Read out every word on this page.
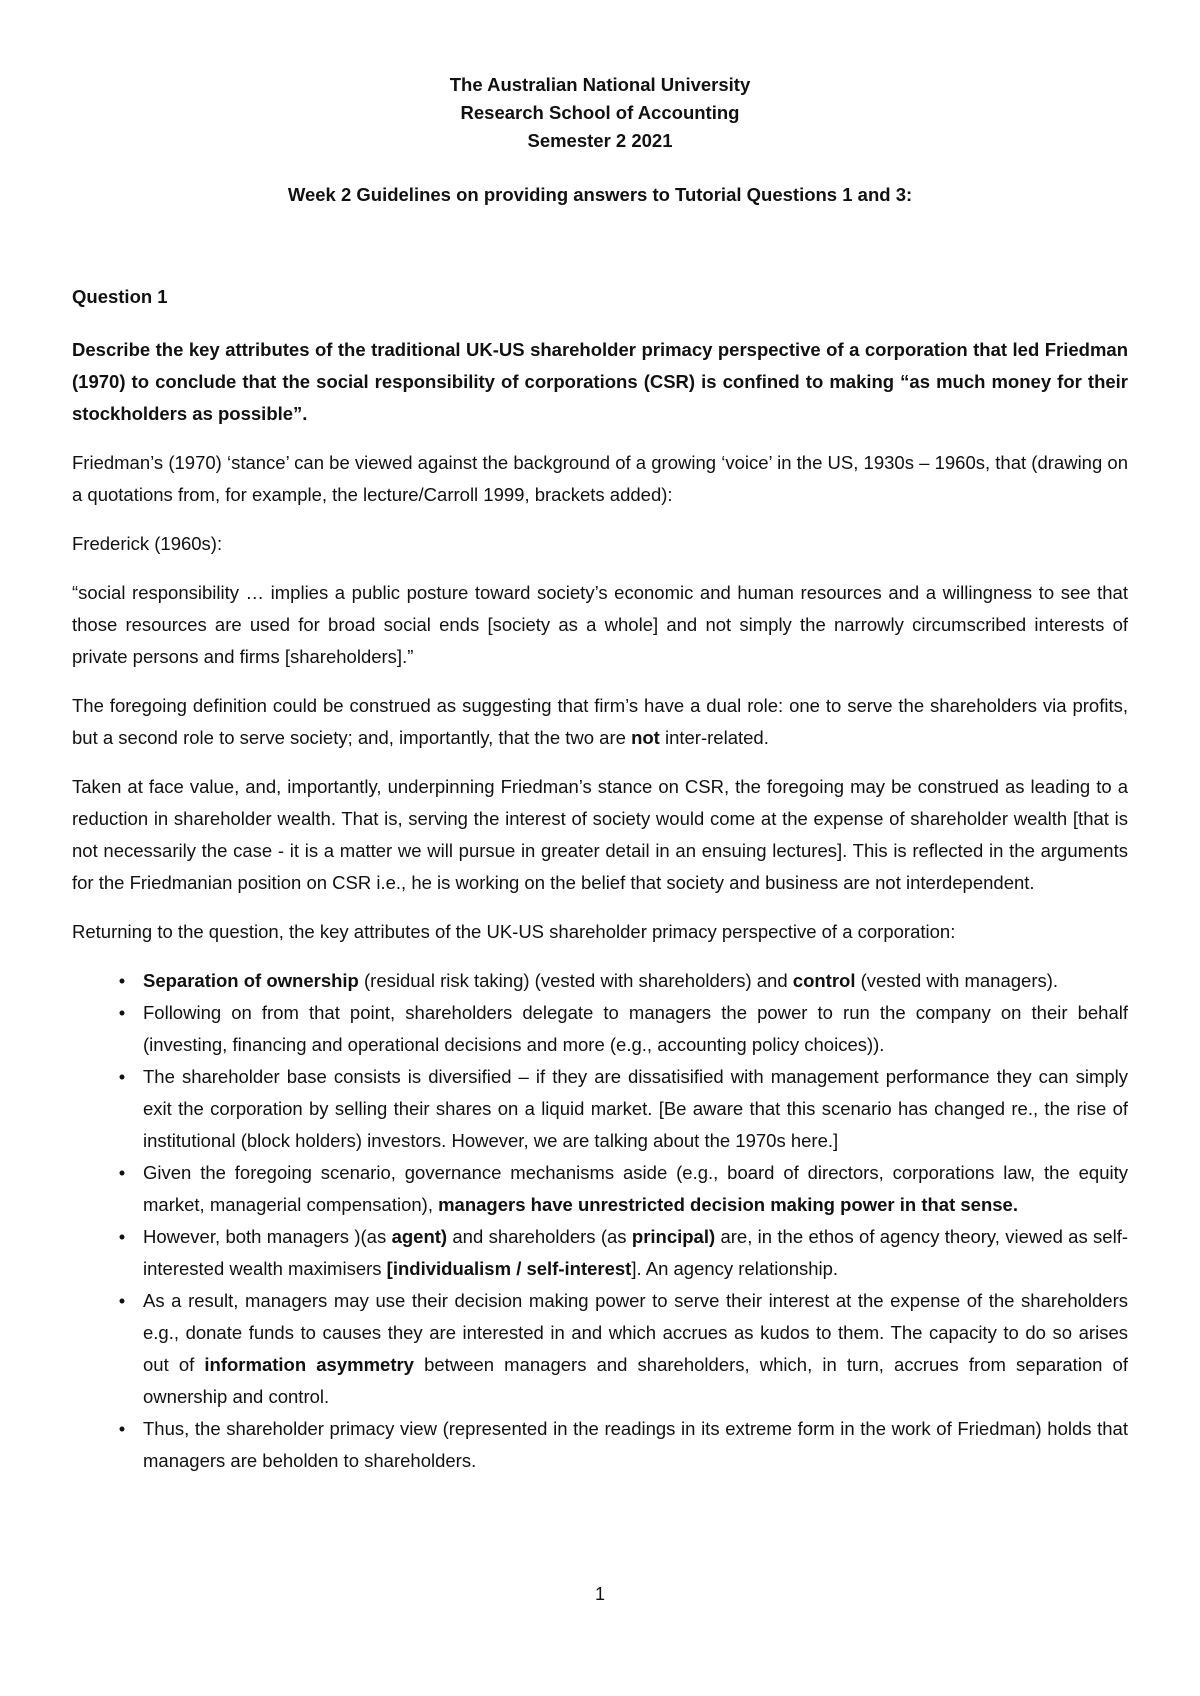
The Australian National University
Research School of Accounting
Semester 2 2021
Week 2 Guidelines on providing answers to Tutorial Questions 1 and 3:
Question 1

Describe the key attributes of the traditional UK-US shareholder primacy perspective of a corporation that led Friedman (1970) to conclude that the social responsibility of corporations (CSR) is confined to making “as much money for their stockholders as possible”.

Friedman’s (1970) ‘stance’ can be viewed against the background of a growing ‘voice’ in the US, 1930s – 1960s, that (drawing on a quotations from, for example, the lecture/Carroll 1999, brackets added):

Frederick (1960s):

“social responsibility … implies a public posture toward society’s economic and human resources and a willingness to see that those resources are used for broad social ends [society as a whole] and not simply the narrowly circumscribed interests of private persons and firms [shareholders].”

The foregoing definition could be construed as suggesting that firm’s have a dual role: one to serve the shareholders via profits, but a second role to serve society; and, importantly, that the two are not inter-related.

Taken at face value, and, importantly, underpinning Friedman’s stance on CSR, the foregoing may be construed as leading to a reduction in shareholder wealth. That is, serving the interest of society would come at the expense of shareholder wealth [that is not necessarily the case - it is a matter we will pursue in greater detail in an ensuing lectures]. This is reflected in the arguments for the Friedmanian position on CSR i.e., he is working on the belief that society and business are not interdependent.

Returning to the question, the key attributes of the UK-US shareholder primacy perspective of a corporation:

• Separation of ownership (residual risk taking) (vested with shareholders) and control (vested with managers).
• Following on from that point, shareholders delegate to managers the power to run the company on their behalf (investing, financing and operational decisions and more (e.g., accounting policy choices)).
• The shareholder base consists is diversified – if they are dissatisified with management performance they can simply exit the corporation by selling their shares on a liquid market. [Be aware that this scenario has changed re., the rise of institutional (block holders) investors. However, we are talking about the 1970s here.]
• Given the foregoing scenario, governance mechanisms aside (e.g., board of directors, corporations law, the equity market, managerial compensation), managers have unrestricted decision making power in that sense.
• However, both managers )(as agent) and shareholders (as principal) are, in the ethos of agency theory, viewed as self-interested wealth maximisers [individualism / self-interest]. An agency relationship.
• As a result, managers may use their decision making power to serve their interest at the expense of the shareholders e.g., donate funds to causes they are interested in and which accrues as kudos to them. The capacity to do so arises out of information asymmetry between managers and shareholders, which, in turn, accrues from separation of ownership and control.
• Thus, the shareholder primacy view (represented in the readings in its extreme form in the work of Friedman) holds that managers are beholden to shareholders.
1
